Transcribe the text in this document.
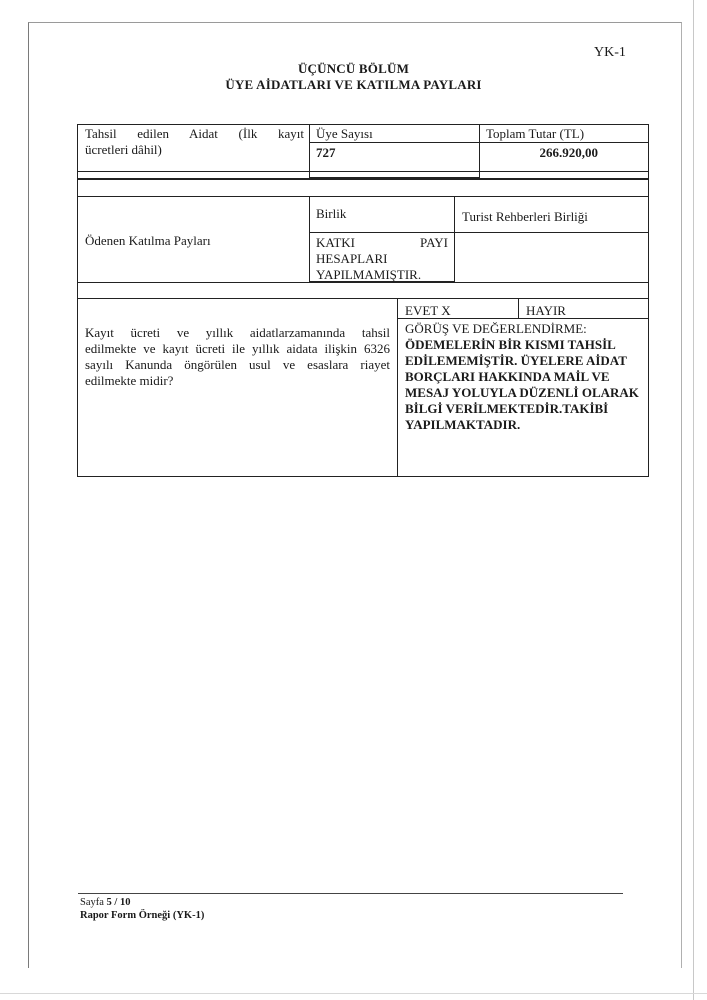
YK-1
ÜÇÜNCÜ BÖLÜM
ÜYE AİDATLARI VE KATILMA PAYLARI
Tahsil edilen Aidat (İlk kayıt
ücretleri dâhil)
Üye Sayısı
727
Toplam Tutar (TL)
266.920,00
Ödenen Katılma Payları
Birlik	Turist Rehberleri Birliği
KATKI PAYI
HESAPLARI
YAPILMAMIŞTIR.
Kayıt ücreti ve yıllık aidatlarzamanında tahsil
edilmekte ve kayıt ücreti ile yıllık aidata ilişkin 6326
sayılı Kanunda öngörülen usul ve esaslara riayet
edilmekte midir?
EVET X	HAYIR
GÖRÜŞ VE DEĞERLENDİRME:
ÖDEMELERİN BİR KISMI TAHSİL
EDİLEMEMİŞTİR. ÜYELERE AİDAT
BORÇLARI HAKKINDA MAİL VE
MESAJ YOLUYLA DÜZENLİ OLARAK
BİLGİ VERİLMEKTEDİR.TAKİBİ
YAPILMAKTADIR.
Sayfa 5 / 10
Rapor Form Örneği (YK-1)
